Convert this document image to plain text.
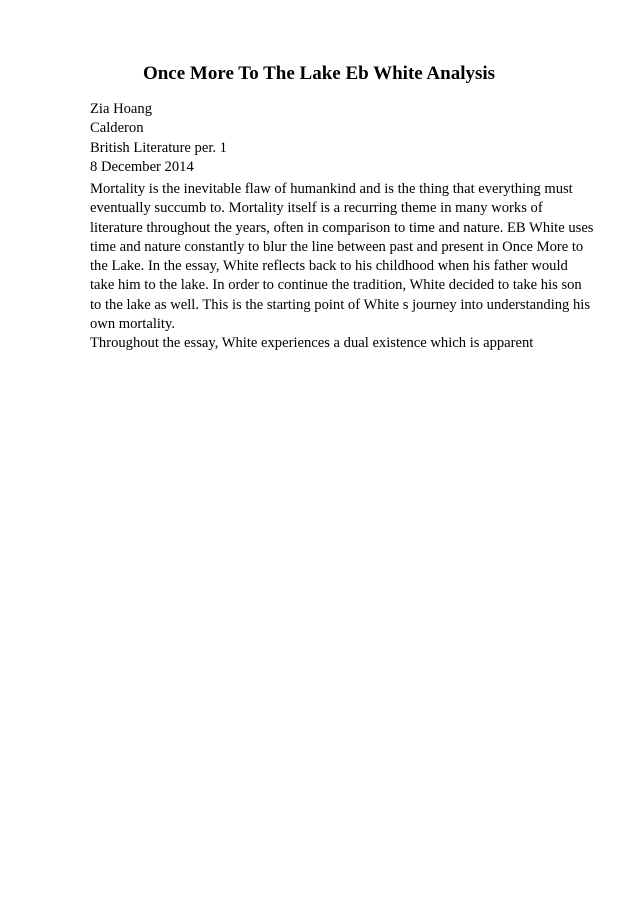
Once More To The Lake Eb White Analysis
Zia Hoang
Calderon
British Literature per. 1
8 December 2014
Mortality is the inevitable flaw of humankind and is the thing that everything must
eventually succumb to. Mortality itself is a recurring theme in many works of
literature throughout the years, often in comparison to time and nature. EB White uses
time and nature constantly to blur the line between past and present in Once More to
the Lake. In the essay, White reflects back to his childhood when his father would
take him to the lake. In order to continue the tradition, White decided to take his son
to the lake as well. This is the starting point of White s journey into understanding his
own mortality.
Throughout the essay, White experiences a dual existence which is apparent
